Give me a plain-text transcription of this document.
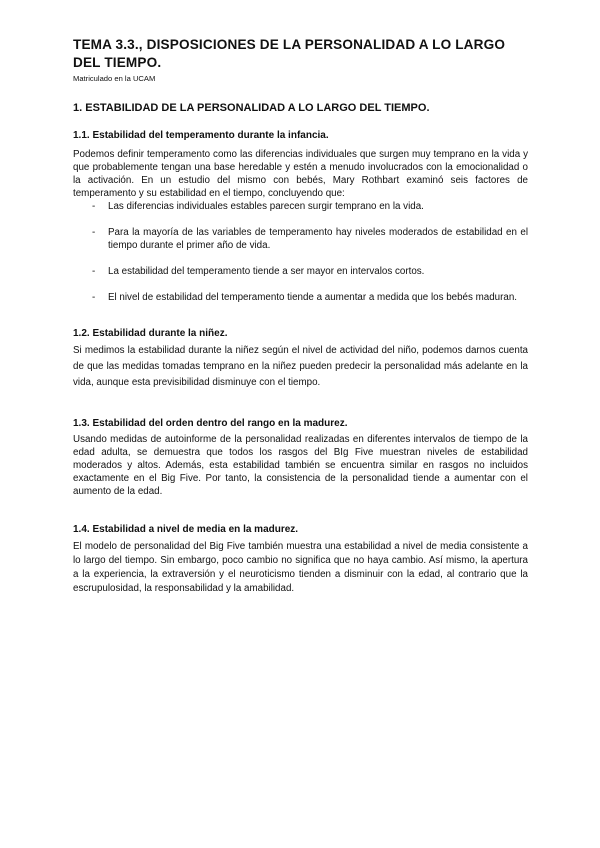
TEMA 3.3., DISPOSICIONES DE LA PERSONALIDAD A LO LARGO DEL TIEMPO.
Matriculado en la UCAM
1. ESTABILIDAD DE LA PERSONALIDAD A LO LARGO DEL TIEMPO.
1.1. Estabilidad del temperamento durante la infancia.

Podemos definir temperamento como las diferencias individuales que surgen muy temprano en la vida y que probablemente tengan una base heredable y estén a menudo involucrados con la emocionalidad o la activación. En un estudio del mismo con bebés, Mary Rothbart examinó seis factores de temperamento y su estabilidad en el tiempo, concluyendo que:

- Las diferencias individuales estables parecen surgir temprano en la vida.
- Para la mayoría de las variables de temperamento hay niveles moderados de estabilidad en el tiempo durante el primer año de vida.
- La estabilidad del temperamento tiende a ser mayor en intervalos cortos.
- El nivel de estabilidad del temperamento tiende a aumentar a medida que los bebés maduran.
1.2. Estabilidad durante la niñez.

Si medimos la estabilidad durante la niñez según el nivel de actividad del niño, podemos darnos cuenta de que las medidas tomadas temprano en la niñez pueden predecir la personalidad más adelante en la vida, aunque esta previsibilidad disminuye con el tiempo.

1.3. Estabilidad del orden dentro del rango en la madurez.

Usando medidas de autoinforme de la personalidad realizadas en diferentes intervalos de tiempo de la edad adulta, se demuestra que todos los rasgos del BIg Five muestran niveles de estabilidad moderados y altos. Además, esta estabilidad también se encuentra similar en rasgos no incluidos exactamente en el Big Five. Por tanto, la consistencia de la personalidad tiende a aumentar con el aumento de la edad.

1.4. Estabilidad a nivel de media en la madurez.

El modelo de personalidad del Big Five también muestra una estabilidad a nivel de media consistente a lo largo del tiempo. Sin embargo, poco cambio no significa que no haya cambio. Así mismo, la apertura a la experiencia, la extraversión y el neuroticismo tienden a disminuir con la edad, al contrario que la escrupulosidad, la responsabilidad y la amabilidad.
